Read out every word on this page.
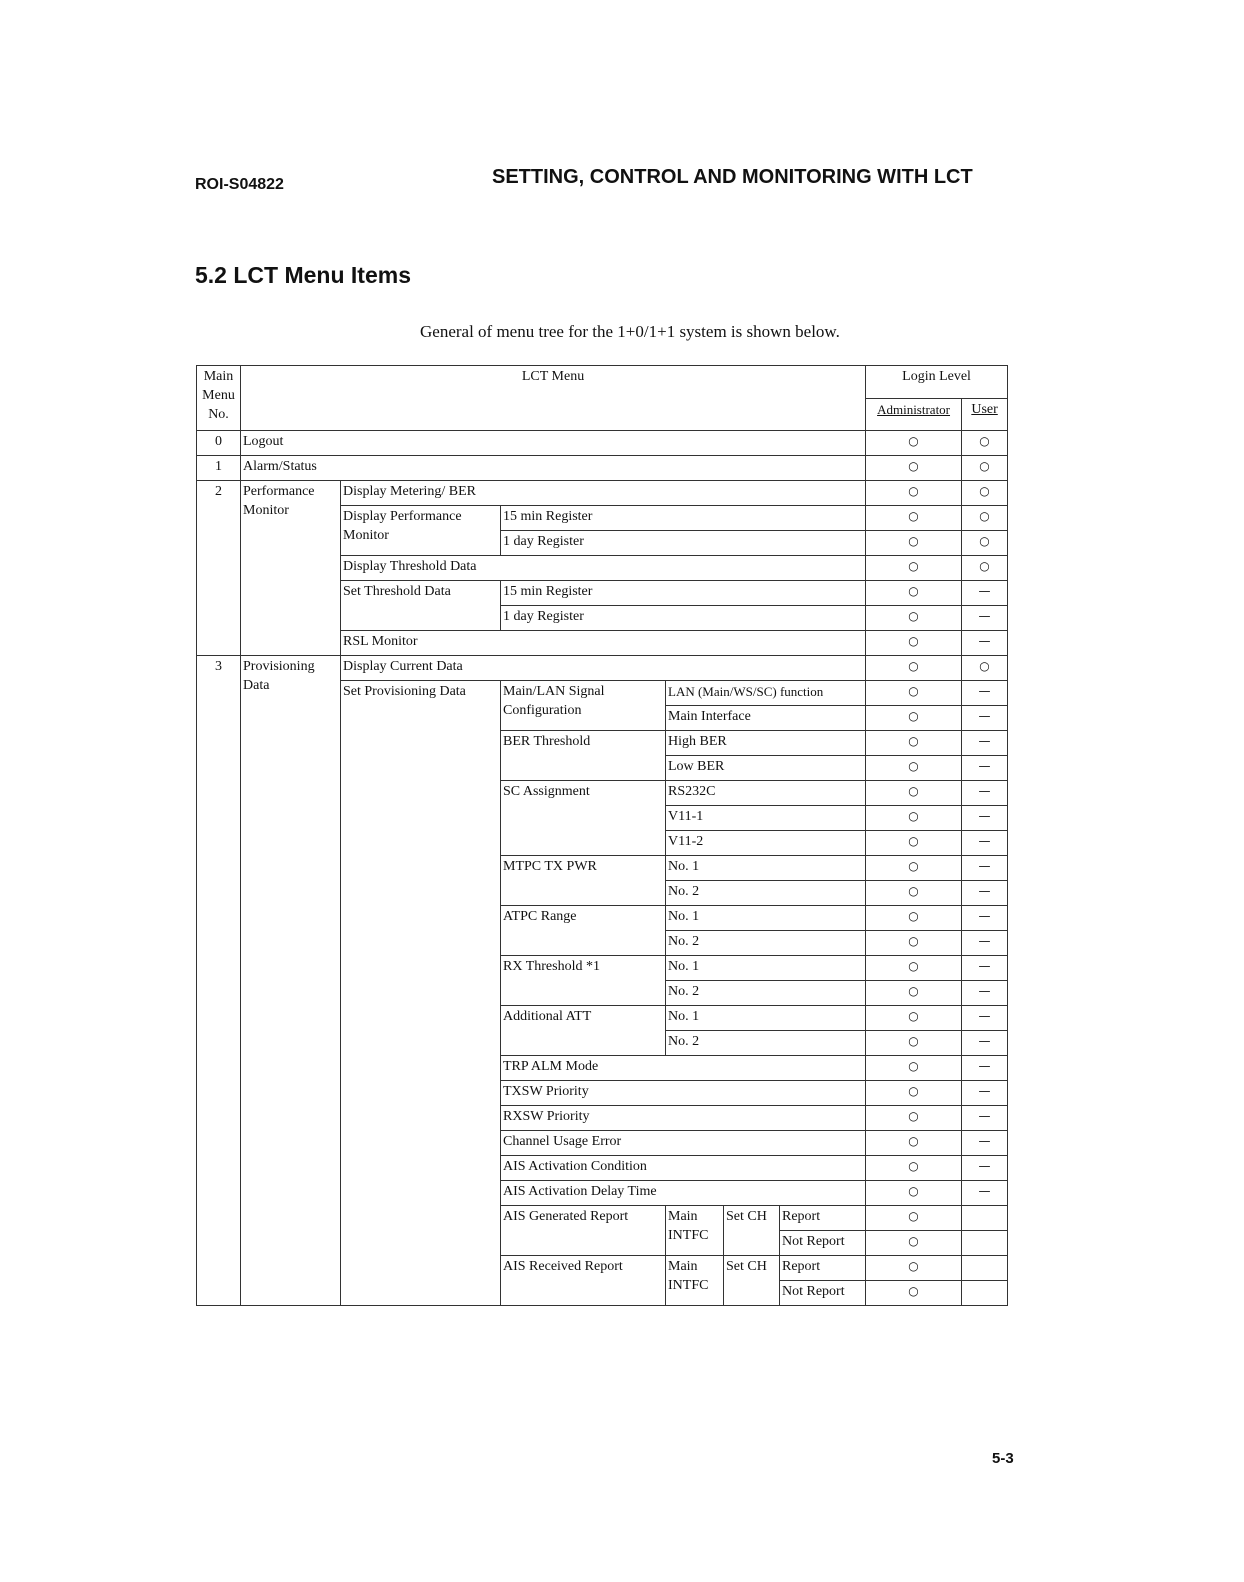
ROI-S04822	SETTING, CONTROL AND MONITORING WITH LCT
5.2 LCT Menu Items
General of menu tree for the 1+0/1+1 system is shown below.
Main Menu No.	LCT Menu						Login Level	
							Administrator	User
0	Logout						○	○
1	Alarm/Status						○	○
2	Performance Monitor	Display Metering/ BER					○	○
		Display Performance Monitor	15 min Register				○	○
			1 day Register				○	○
		Display Threshold Data					○	○
		Set Threshold Data	15 min Register				○	—
			1 day Register				○	—
		RSL Monitor					○	—
3	Provisioning Data	Display Current Data					○	○
		Set Provisioning Data	Main/LAN Signal Configuration	LAN (Main/WS/SC) function			○	—
				Main Interface			○	—
			BER Threshold	High BER			○	—
				Low BER			○	—
			SC Assignment	RS232C			○	—
				V11-1			○	—
				V11-2			○	—
			MTPC TX PWR	No. 1			○	—
				No. 2			○	—
			ATPC Range	No. 1			○	—
				No. 2			○	—
			RX Threshold *1	No. 1			○	—
				No. 2			○	—
			Additional ATT	No. 1			○	—
				No. 2			○	—
			TRP ALM Mode				○	—
			TXSW Priority				○	—
			RXSW Priority				○	—
			Channel Usage Error				○	—
			AIS Activation Condition				○	—
			AIS Activation Delay Time				○	—
			AIS Generated Report	Main INTFC	Set CH	Report	○	
						Not Report	○	
			AIS Received Report	Main INTFC	Set CH	Report	○	
						Not Report	○	
5-3
